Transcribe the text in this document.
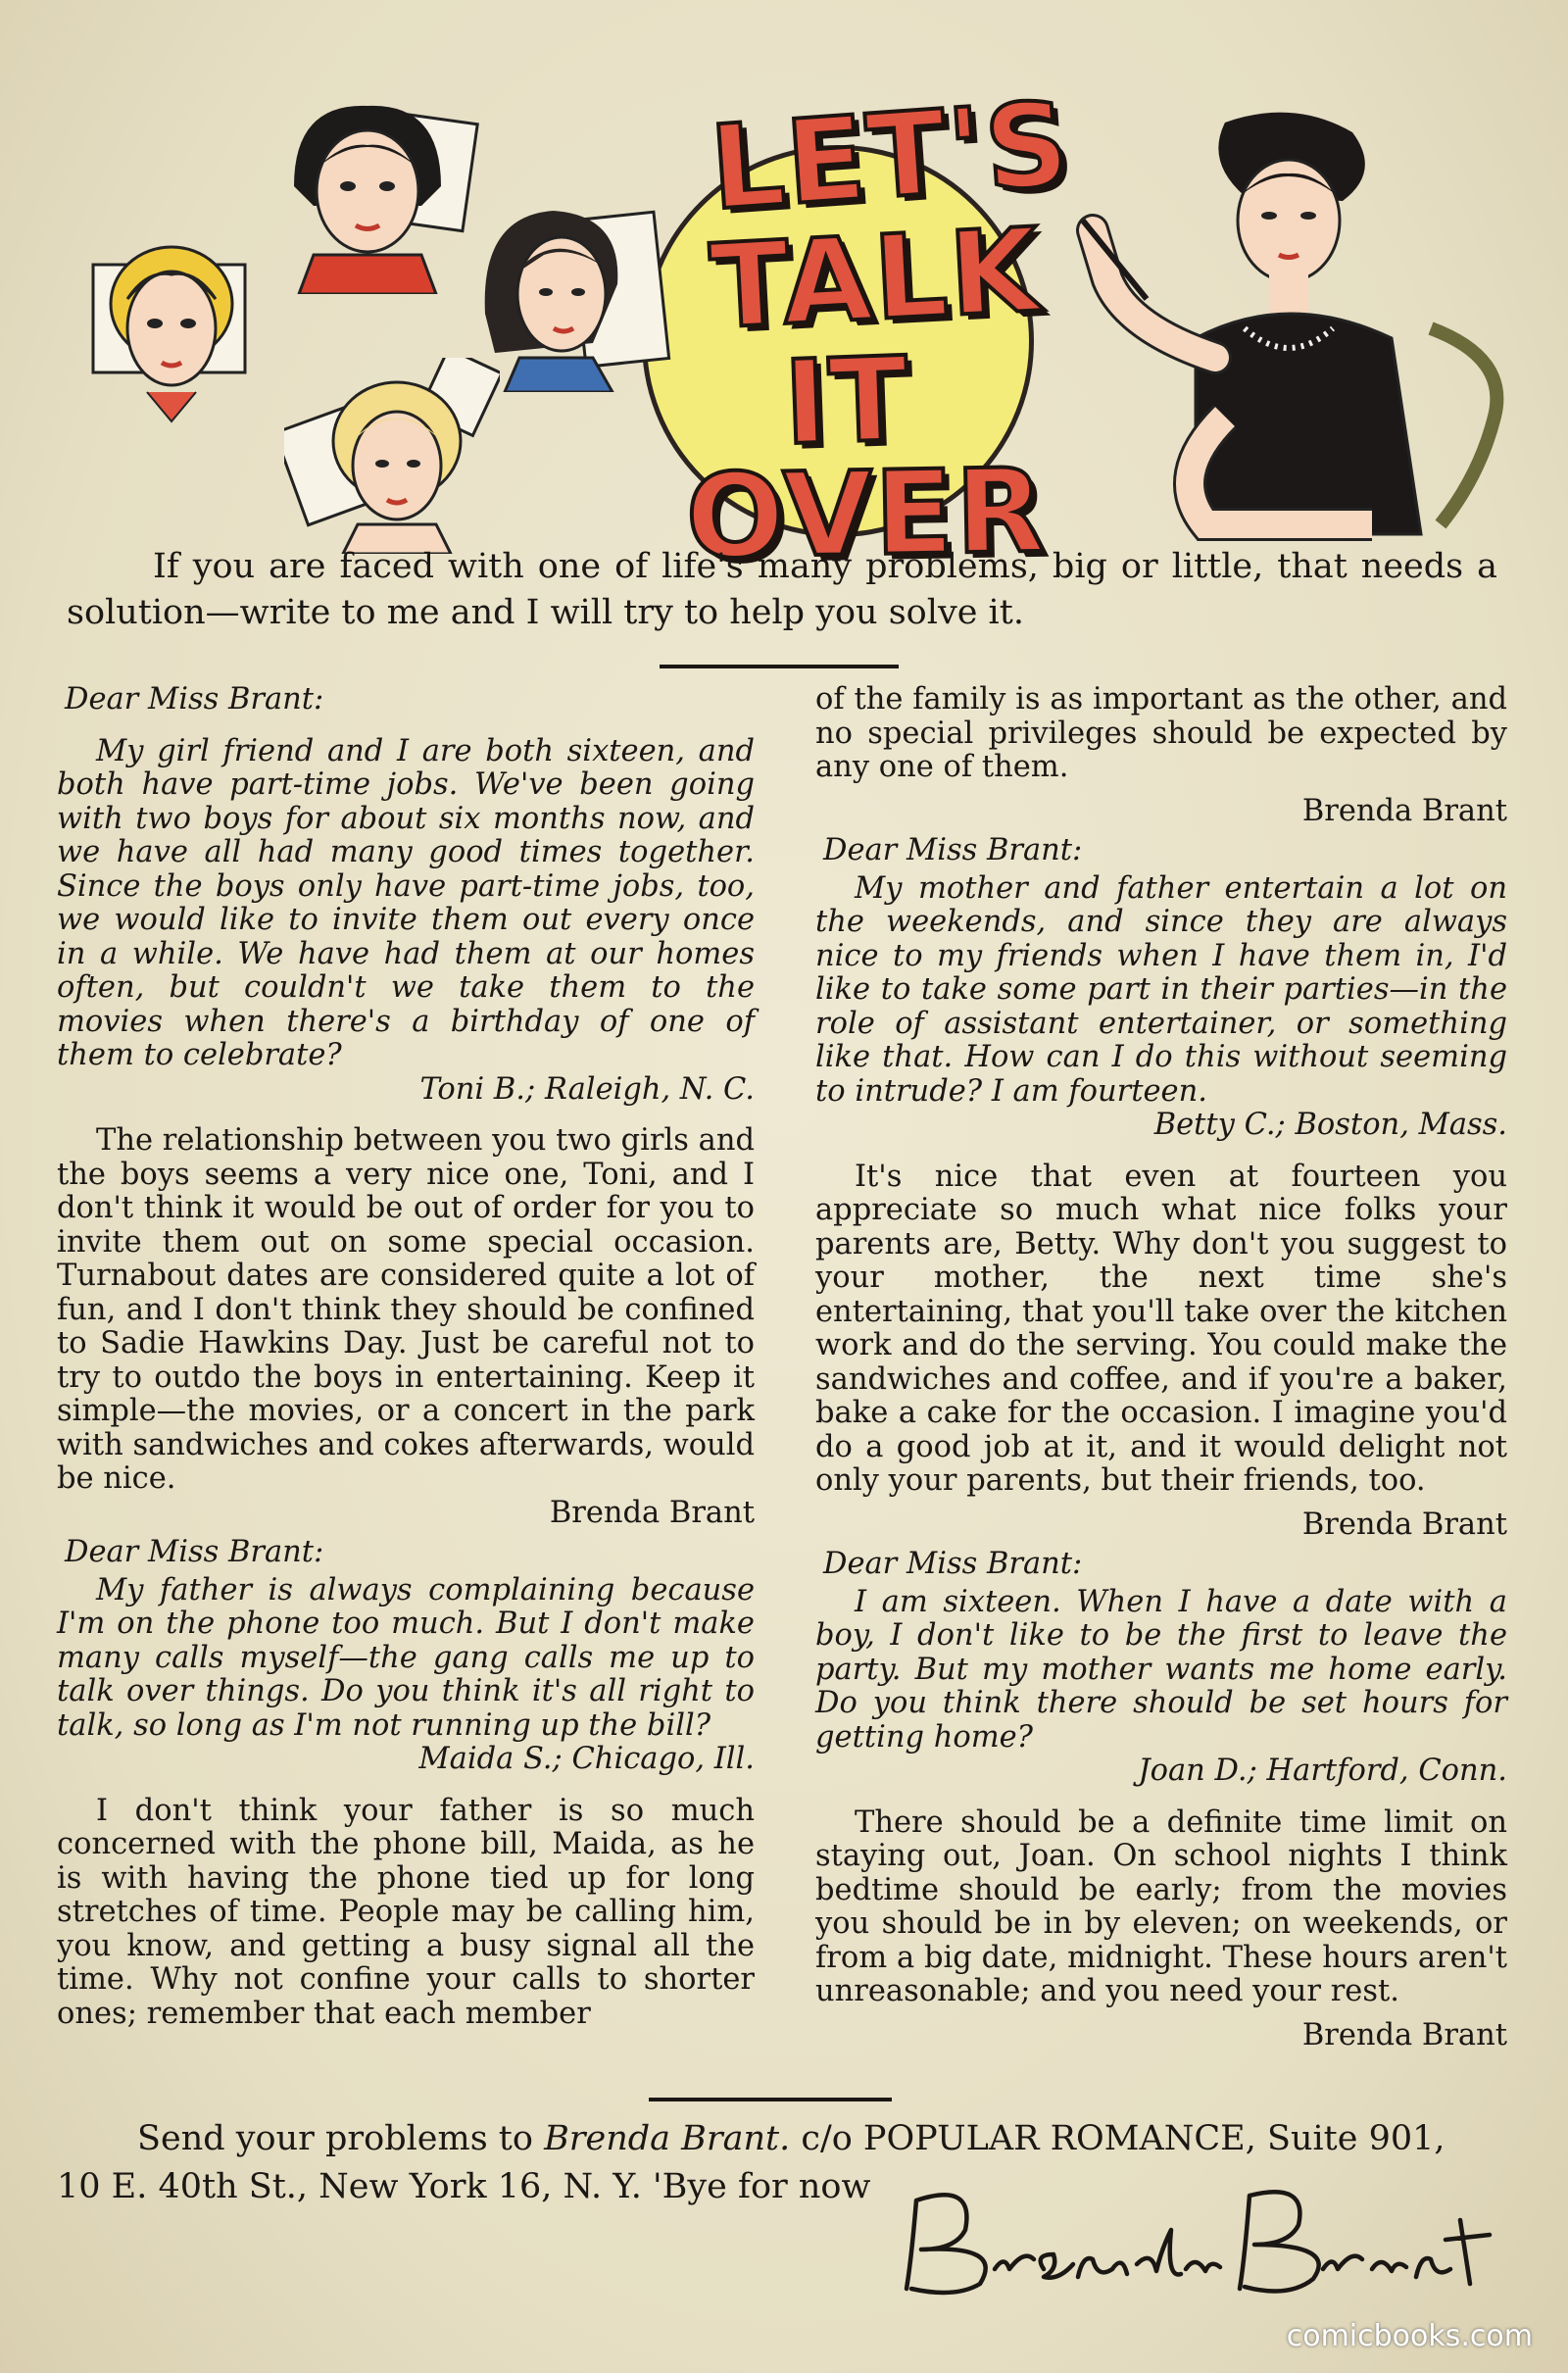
LET'S
TALK
IT
OVER

If you are faced with one of life's many problems, big or little, that needs a solution—write to me and I will try to help you solve it.

Dear Miss Brant:

My girl friend and I are both sixteen, and both have part-time jobs. We've been going with two boys for about six months now, and we have all had many good times together. Since the boys only have part-time jobs, too, we would like to invite them out every once in a while. We have had them at our homes often, but couldn't we take them to the movies when there's a birthday of one of them to celebrate?

Toni B.; Raleigh, N. C.

The relationship between you two girls and the boys seems a very nice one, Toni, and I don't think it would be out of order for you to invite them out on some special occasion. Turnabout dates are considered quite a lot of fun, and I don't think they should be confined to Sadie Hawkins Day. Just be careful not to try to outdo the boys in entertaining. Keep it simple—the movies, or a concert in the park with sandwiches and cokes afterwards, would be nice.

Brenda Brant

Dear Miss Brant:

My father is always complaining because I'm on the phone too much. But I don't make many calls myself—the gang calls me up to talk over things. Do you think it's all right to talk, so long as I'm not running up the bill?

Maida S.; Chicago, Ill.

I don't think your father is so much concerned with the phone bill, Maida, as he is with having the phone tied up for long stretches of time. People may be calling him, you know, and getting a busy signal all the time. Why not confine your calls to shorter ones; remember that each member

of the family is as important as the other, and no special privileges should be expected by any one of them.

Brenda Brant

Dear Miss Brant:

My mother and father entertain a lot on the weekends, and since they are always nice to my friends when I have them in, I'd like to take some part in their parties—in the role of assistant entertainer, or something like that. How can I do this without seeming to intrude? I am fourteen.

Betty C.; Boston, Mass.

It's nice that even at fourteen you appreciate so much what nice folks your parents are, Betty. Why don't you suggest to your mother, the next time she's entertaining, that you'll take over the kitchen work and do the serving. You could make the sandwiches and coffee, and if you're a baker, bake a cake for the occasion. I imagine you'd do a good job at it, and it would delight not only your parents, but their friends, too.

Brenda Brant

Dear Miss Brant:

I am sixteen. When I have a date with a boy, I don't like to be the first to leave the party. But my mother wants me home early. Do you think there should be set hours for getting home?

Joan D.; Hartford, Conn.

There should be a definite time limit on staying out, Joan. On school nights I think bedtime should be early; from the movies you should be in by eleven; on weekends, or from a big date, midnight. These hours aren't unreasonable; and you need your rest.

Brenda Brant

Send your problems to Brenda Brant. c/o POPULAR ROMANCE, Suite 901,

10 E. 40th St., New York 16, N. Y. 'Bye for now

comicbooks.com
